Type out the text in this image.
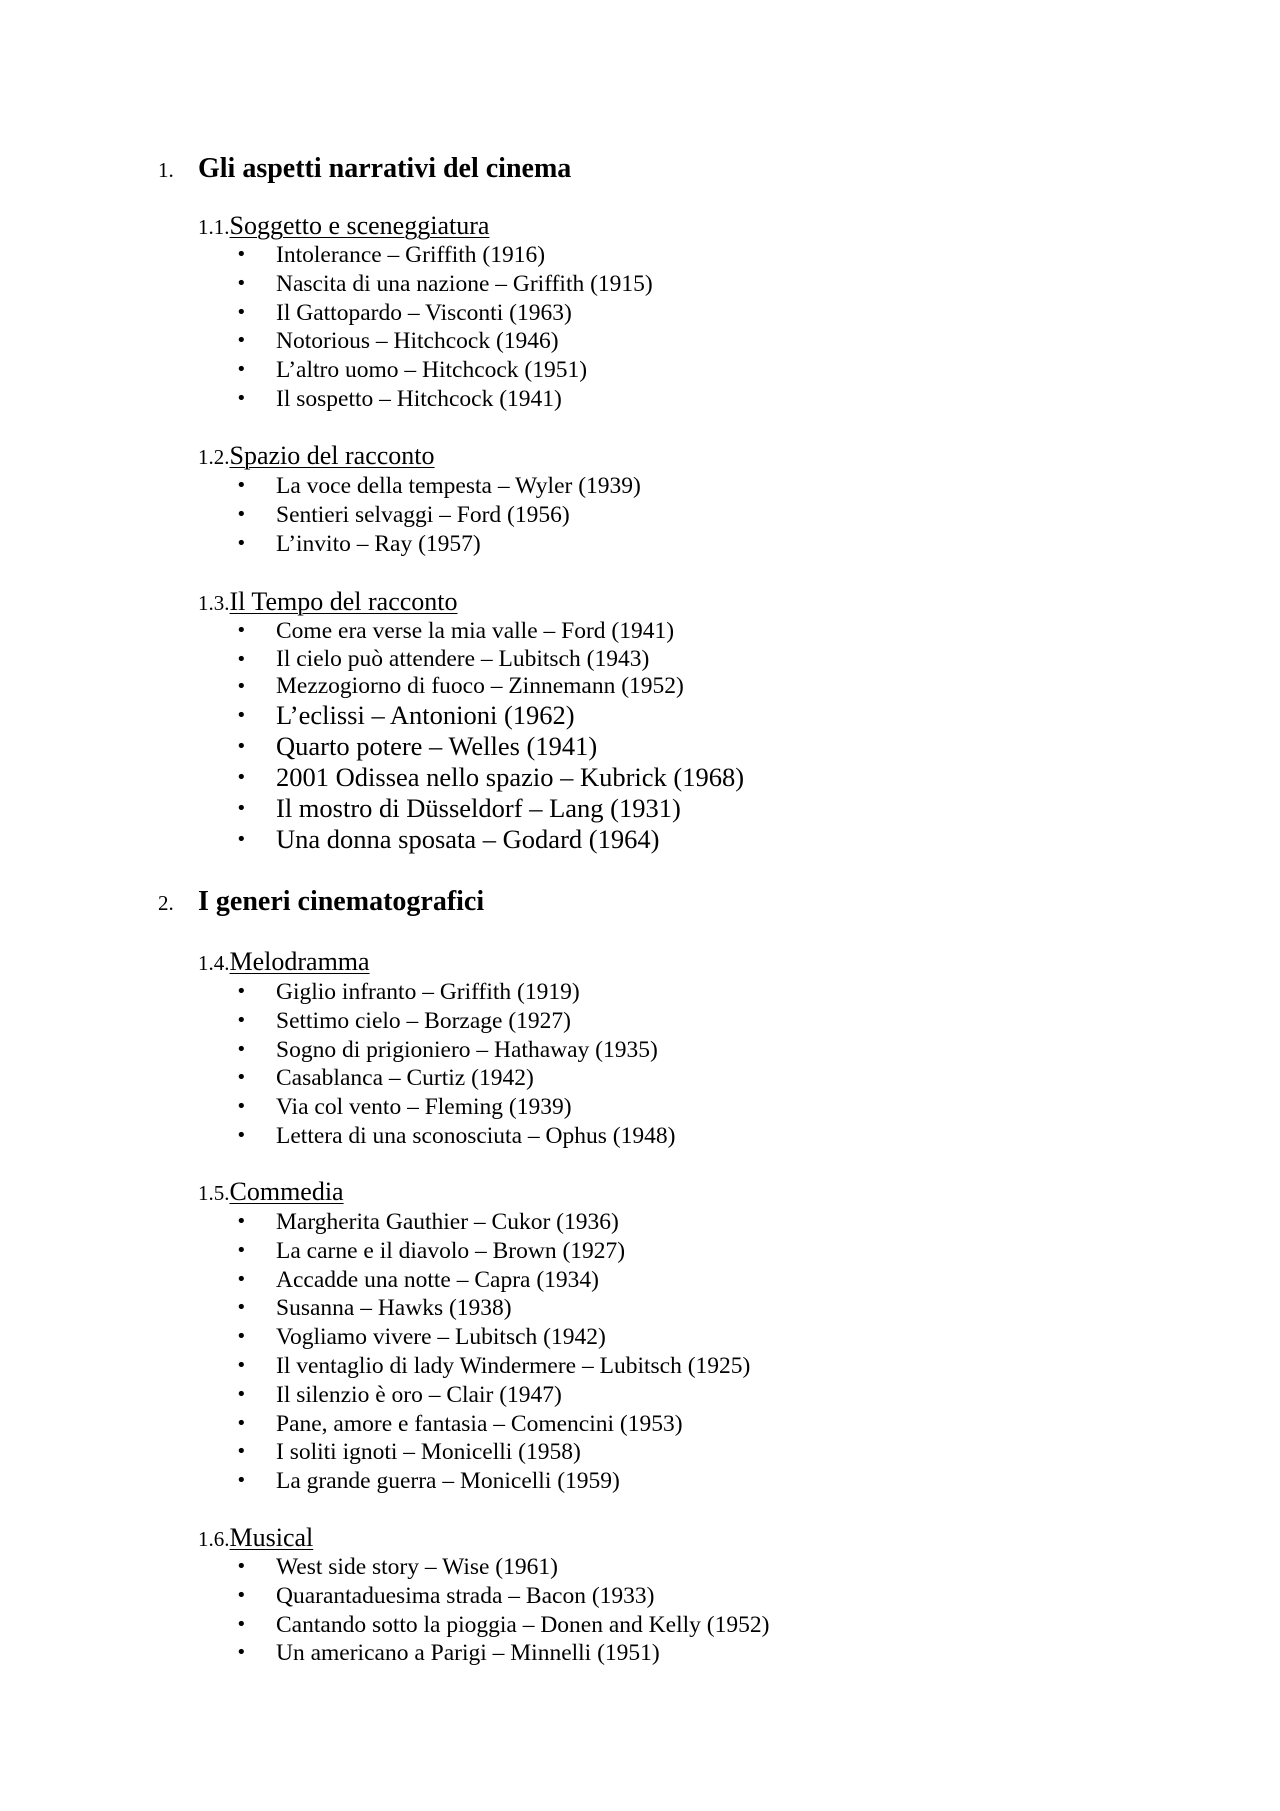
1. Gli aspetti narrativi del cinema
1.1.Soggetto e sceneggiatura
• Intolerance – Griffith (1916)
• Nascita di una nazione – Griffith (1915)
• Il Gattopardo – Visconti (1963)
• Notorious – Hitchcock (1946)
• L’altro uomo – Hitchcock (1951)
• Il sospetto – Hitchcock (1941)
1.2.Spazio del racconto
• La voce della tempesta – Wyler (1939)
• Sentieri selvaggi – Ford (1956)
• L’invito – Ray (1957)
1.3.Il Tempo del racconto
• Come era verse la mia valle – Ford (1941)
• Il cielo può attendere – Lubitsch (1943)
• Mezzogiorno di fuoco – Zinnemann (1952)
• L’eclissi – Antonioni (1962)
• Quarto potere – Welles (1941)
• 2001 Odissea nello spazio – Kubrick (1968)
• Il mostro di Düsseldorf – Lang (1931)
• Una donna sposata – Godard (1964)
2. I generi cinematografici
1.4.Melodramma
• Giglio infranto – Griffith (1919)
• Settimo cielo – Borzage (1927)
• Sogno di prigioniero – Hathaway (1935)
• Casablanca – Curtiz (1942)
• Via col vento – Fleming (1939)
• Lettera di una sconosciuta – Ophus (1948)
1.5.Commedia
• Margherita Gauthier – Cukor (1936)
• La carne e il diavolo – Brown (1927)
• Accadde una notte – Capra (1934)
• Susanna – Hawks (1938)
• Vogliamo vivere – Lubitsch (1942)
• Il ventaglio di lady Windermere – Lubitsch (1925)
• Il silenzio è oro – Clair (1947)
• Pane, amore e fantasia – Comencini (1953)
• I soliti ignoti – Monicelli (1958)
• La grande guerra – Monicelli (1959)
1.6.Musical
• West side story – Wise (1961)
• Quarantaduesima strada – Bacon (1933)
• Cantando sotto la pioggia – Donen and Kelly (1952)
• Un americano a Parigi – Minnelli (1951)
